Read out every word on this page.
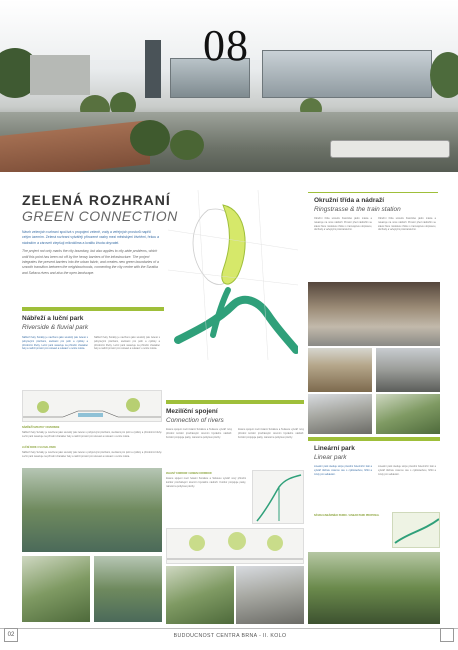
08
ZELENÁ ROZHRANÍ
GREEN CONNECTION

Návrh zelených rozhraní spočívá v propojení zeleně, vody a veřejných prostorů napříč celým územím. Zelená rozhraní vytvářejí přirozené vazby mezi městskými čtvrtěmi, řekou a nádražím a zároveň zlepšují mikroklima a kvalitu života obyvatel.

The project not only marks the city boundary, but also applies to city-wide problems, which until this point has been cut off by the heavy barriers of the infrastructure. The project integrates the present barriers into the urban fabric, and creates new green boundaries of a smooth transition between the neighbourhoods, connecting the city centre with the Svratka and Svitava rivers and also the open landscape.

Okružní třída a nádraží
Ringstrasse & the train station
Okružní třída uzavírá historické jádro města a navazuje na nové nádraží. Prostor před nádražím se stává živou městskou třídou s tramvajovou dopravou, obchody a veřejnými prostranstvími.
Okružní třída uzavírá historické jádro města a navazuje na nové nádraží. Prostor před nádražím se stává živou městskou třídou s tramvajovou dopravou, obchody a veřejnými prostranstvími.
Lineární park
Linear park
Lineární park sleduje stopu původní železniční trati a vytváří klidnou zelenou osu s cyklostezkou, hřišti a místy pro setkávání.
Lineární park sleduje stopu původní železniční trati a vytváří klidnou zelenou osu s cyklostezkou, hřišti a místy pro setkávání.
NÁVRH LINEÁRNÍHO PARKU / LINEAR PARK PROPOSAL
Nábřeží a luční park
Riverside & fluvial park
Nábřeží řeky Svratky je navrženo jako souvislý pás zeleně s pobytovými plochami, stezkami pro pěší a cyklisty a přírodními břehy. Luční park navazuje na přírodní charakter řeky a nabízí prostor pro rekreaci a relaxaci v centru města.
Nábřeží řeky Svratky je navrženo jako souvislý pás zeleně s pobytovými plochami, stezkami pro pěší a cyklisty a přírodními břehy. Luční park navazuje na přírodní charakter řeky a nabízí prostor pro rekreaci a relaxaci v centru města.
NÁBŘEŽÍ SVRATKY / RIVERSIDE
Nábřeží řeky Svratky je navrženo jako souvislý pás zeleně s pobytovými plochami, stezkami pro pěší a cyklisty a přírodními břehy. Luční park navazuje na přírodní charakter řeky a nabízí prostor pro rekreaci a relaxaci v centru města.
LUČNÍ PARK / FLUVIAL PARK
Nábřeží řeky Svratky je navrženo jako souvislý pás zeleně s pobytovými plochami, stezkami pro pěší a cyklisty a přírodními břehy. Luční park navazuje na přírodní charakter řeky a nabízí prostor pro rekreaci a relaxaci v centru města.
Mezilíční spojení
Connection of rivers
Zelené spojení mezi řekami Svratkou a Svitavou vytváří nový přírodní koridor procházející územím bývalého nádraží. Koridor propojuje parky, náměstí a pobytové plochy.
Zelené spojení mezi řekami Svratkou a Svitavou vytváří nový přírodní koridor procházející územím bývalého nádraží. Koridor propojuje parky, náměstí a pobytové plochy.
ZELENÝ KORIDOR / GREEN CORRIDOR
Zelené spojení mezi řekami Svratkou a Svitavou vytváří nový přírodní koridor procházející územím bývalého nádraží. Koridor propojuje parky, náměstí a pobytové plochy.
02	BUDOUCNOST CENTRA BRNA - II. KOLO
